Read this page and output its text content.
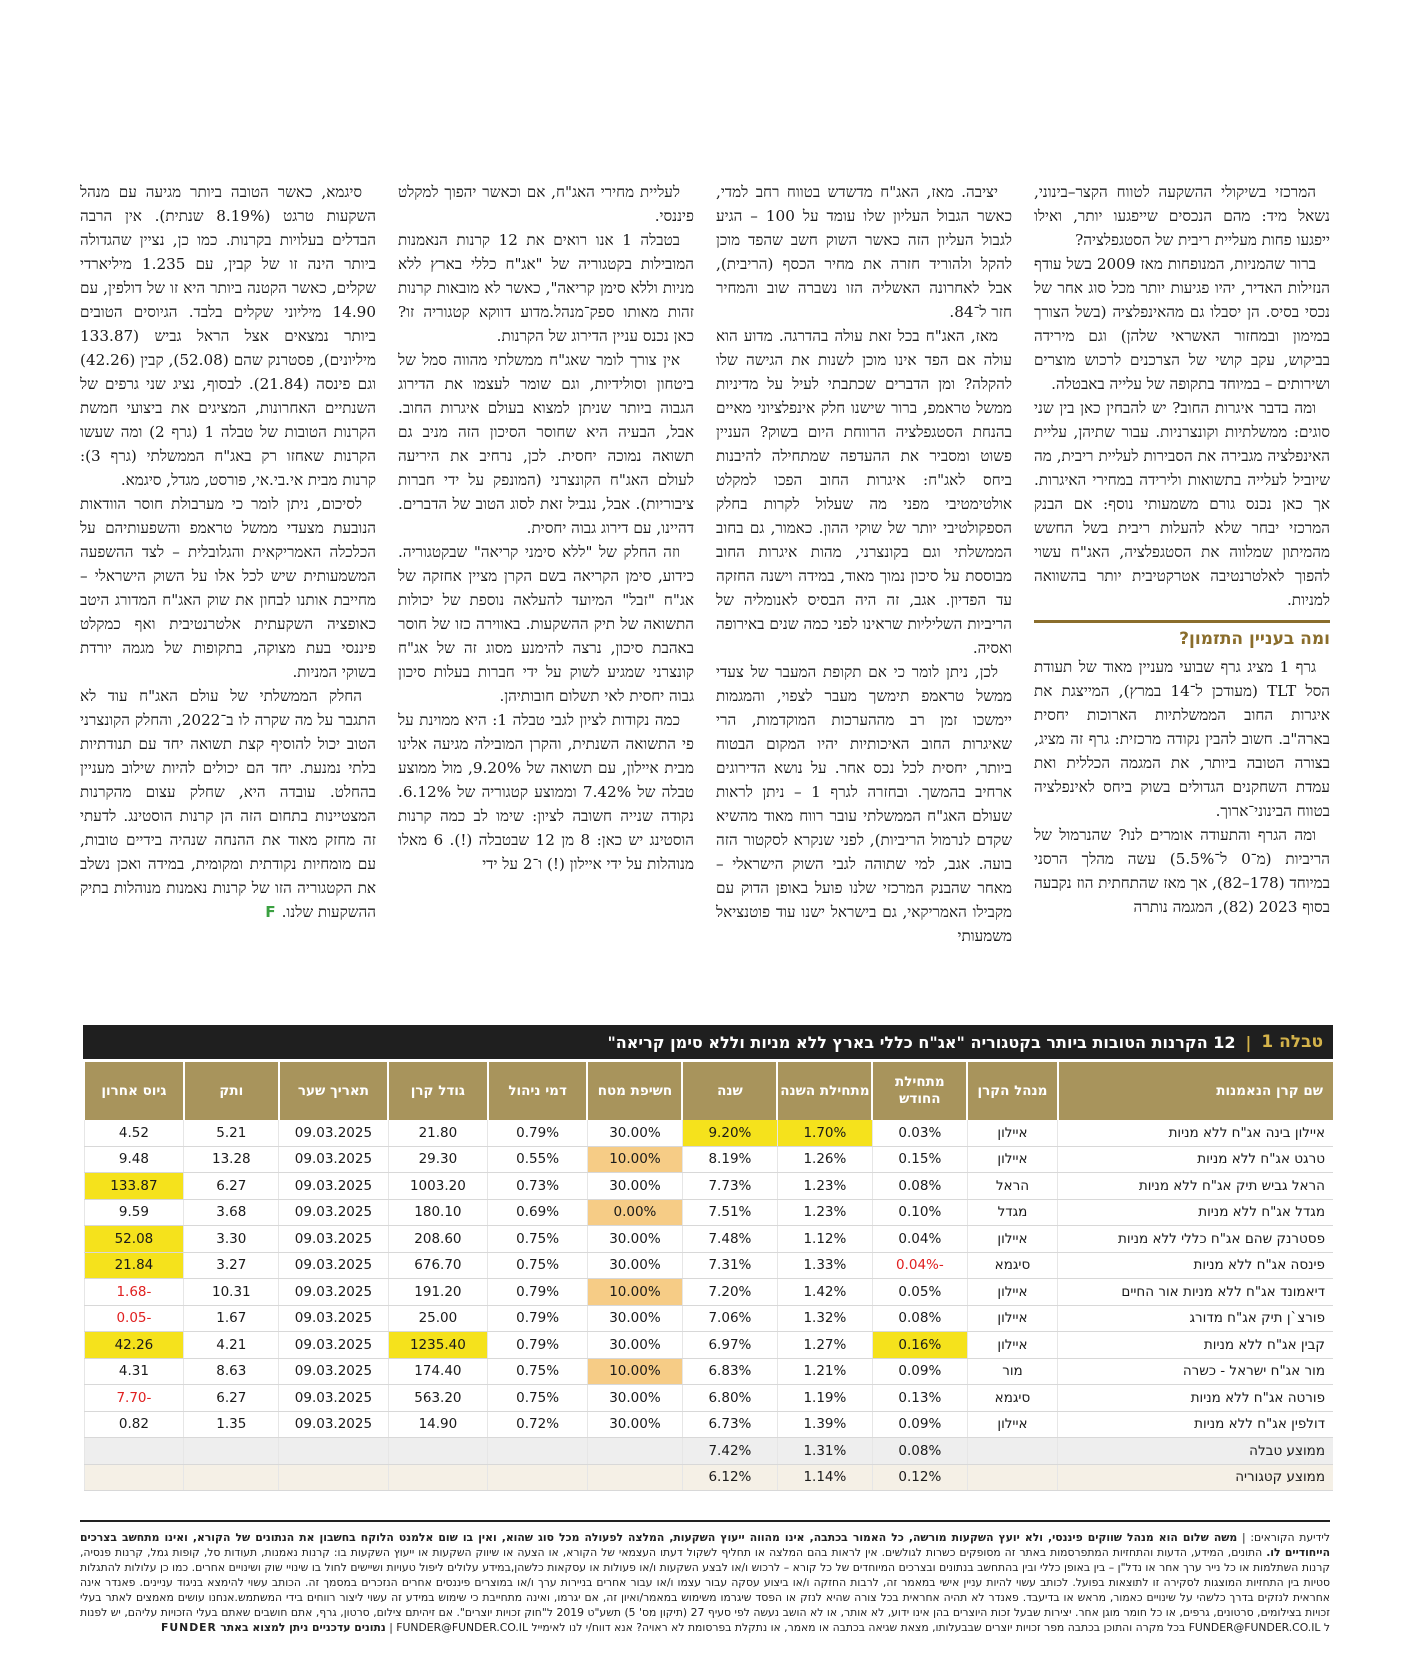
המרכזי בשיקולי ההשקעה לטווח הקצר–בינוני, נשאל מיד: מהם הנכסים שייפגעו יותר, ואילו ייפגעו פחות מעליית ריבית של הסטגפלציה?

ברור שהמניות, המנופחות מאז 2009 בשל עודף הנזילות האדיר, יהיו פגיעות יותר מכל סוג אחר של נכסי בסיס. הן יסבלו גם מהאינפלציה (בשל הצורך במימון ובמחזור האשראי שלהן) וגם מירידה בביקוש, עקב קושי של הצרכנים לרכוש מוצרים ושירותים – במיוחד בתקופה של עלייה באבטלה.

ומה בדבר איגרות החוב? יש להבחין כאן בין שני סוגים: ממשלתיות וקונצרניות. עבור שתיהן, עליית האינפלציה מגבירה את הסבירות לעליית ריבית, מה שיוביל לעלייה בתשואות ולירידה במחירי האיגרות. אך כאן נכנס גורם משמעותי נוסף: אם הבנק המרכזי יבחר שלא להעלות ריבית בשל החשש מהמיתון שמלווה את הסטגפלציה, האג"ח עשוי להפוך לאלטרנטיבה אטרקטיבית יותר בהשוואה למניות.

ומה בעניין התזמון?

גרף 1 מציג גרף שבועי מעניין מאוד של תעודת הסל TLT (מעודכן ל־14 במרץ), המייצגת את איגרות החוב הממשלתיות הארוכות יחסית בארה"ב. חשוב להבין נקודה מרכזית: גרף זה מציג, בצורה הטובה ביותר, את המגמה הכללית ואת עמדת השחקנים הגדולים בשוק ביחס לאינפלציה בטווח הבינוני־ארוך.

ומה הגרף והתעודה אומרים לנו? שהנרמול של הריביות (מ־0 ל־5.5%) עשה מהלך הרסני במיוחד (178–82), אך מאז שהתחתית הוז נקבעה בסוף 2023 (82), המגמה נותרה

יציבה. מאז, האג"ח מדשדש בטווח רחב למדי, כאשר הגבול העליון שלו עומד על 100 – הגיע לגבול העליון הזה כאשר השוק חשב שהפד מוכן להקל ולהוריד חזרה את מחיר הכסף (הריבית), אבל לאחרונה האשליה הזו נשברה שוב והמחיר חזר ל־84.

מאז, האג"ח בכל זאת עולה בהדרגה. מדוע הוא עולה אם הפד אינו מוכן לשנות את הגישה שלו להקלה? ומן הדברים שכתבתי לעיל על מדיניות ממשל טראמפ, ברור שישנו חלק אינפלציוני מאיים בהנחת הסטגפלציה הרווחת היום בשוק? העניין פשוט ומסביר את ההעדפה שמתחילה להיבנות ביחס לאג"ח: איגרות החוב הפכו למקלט אולטימטיבי מפני מה שעלול לקרות בחלק הספקולטיבי יותר של שוקי ההון. כאמור, גם בחוב הממשלתי וגם בקונצרני, מהות איגרות החוב מבוססת על סיכון נמוך מאוד, במידה וישנה החזקה עד הפדיון. אגב, זה היה הבסיס לאנומליה של הריביות השליליות שראינו לפני כמה שנים באירופה ואסיה.

לכן, ניתן לומר כי אם תקופת המעבר של צעדי ממשל טראמפ תימשך מעבר לצפוי, והמגמות יימשכו זמן רב מההערכות המוקדמות, הרי שאיגרות החוב האיכותיות יהיו המקום הבטוח ביותר, יחסית לכל נכס אחר. על נושא הדירוגים ארחיב בהמשך. ובחזרה לגרף 1 – ניתן לראות שעולם האג"ח הממשלתי עובר רווח מאוד מהשיא שקדם לנרמול הריביות), לפני שנקרא לסקטור הזה בועה. אגב, למי שתוהה לגבי השוק הישראלי – מאחר שהבנק המרכזי שלנו פועל באופן הדוק עם מקבילו האמריקאי, גם בישראל ישנו עוד פוטנציאל משמעותי

לעליית מחירי האג"ח, אם וכאשר יהפוך למקלט פיננסי.

בטבלה 1 אנו רואים את 12 קרנות הנאמנות המובילות בקטגוריה של "אג"ח כללי בארץ ללא מניות וללא סימן קריאה", כאשר לא מובאות קרנות זהות מאותו ספק־מנהל.מדוע דווקא קטגוריה זו? כאן נכנס עניין הדירוג של הקרנות.

אין צורך לומר שאג"ח ממשלתי מהווה סמל של ביטחון וסולידיות, וגם שומר לעצמו את הדירוג הגבוה ביותר שניתן למצוא בעולם איגרות החוב. אבל, הבעיה היא שחוסר הסיכון הזה מניב גם תשואה נמוכה יחסית. לכן, נרחיב את היריעה לעולם האג"ח הקונצרני (המונפק על ידי חברות ציבוריות). אבל, נגביל זאת לסוג הטוב של הדברים. דהיינו, עם דירוג גבוה יחסית.

וזה החלק של "ללא סימני קריאה" שבקטגוריה. כידוע, סימן הקריאה בשם הקרן מציין אחזקה של אג"ח "זבל" המיועד להעלאה נוספת של יכולות התשואה של תיק ההשקעות. באווירה כזו של חוסר באהבת סיכון, נרצה להימנע מסוג זה של אג"ח קונצרני שמגיע לשוק על ידי חברות בעלות סיכון גבוה יחסית לאי תשלום חובותיהן.

כמה נקודות לציון לגבי טבלה 1: היא ממוינת על פי התשואה השנתית, והקרן המובילה מגיעה אלינו מבית איילון, עם תשואה של 9.20%, מול ממוצע טבלה של 7.42% וממוצע קטגוריה של 6.12%. נקודה שנייה חשובה לציון: שימו לב כמה קרנות הוסטינג יש כאן: 8 מן 12 שבטבלה (!). 6 מאלו מנוהלות על ידי איילון (!) ו־2 על ידי

סיגמא, כאשר הטובה ביותר מגיעה עם מנהל השקעות טרגט (8.19% שנתית). אין הרבה הבדלים בעלויות בקרנות. כמו כן, נציין שהגדולה ביותר הינה זו של קבין, עם 1.235 מיליארדי שקלים, כאשר הקטנה ביותר היא זו של דולפין, עם 14.90 מיליוני שקלים בלבד. הגיוסים הטובים ביותר נמצאים אצל הראל גביש (133.87 מיליונים), פסטרנק שהם (52.08), קבין (42.26) וגם פינסה (21.84). לבסוף, נציג שני גרפים של השנתיים האחרונות, המציגים את ביצועי חמשת הקרנות הטובות של טבלה 1 (גרף 2) ומה שעשו הקרנות שאחזו רק באג"ח הממשלתי (גרף 3): קרנות מבית אי.בי.אי, פורסט, מגדל, סיגמא.

לסיכום, ניתן לומר כי מערבולת חוסר הוודאות הנובעת מצעדי ממשל טראמפ והשפעותיהם על הכלכלה האמריקאית והגלובלית – לצד ההשפעה המשמעותית שיש לכל אלו על השוק הישראלי – מחייבת אותנו לבחון את שוק האג"ח המדורג היטב כאופציה השקעתית אלטרנטיבית ואף כמקלט פיננסי בעת מצוקה, בתקופות של מגמה יורדת בשוקי המניות.

החלק הממשלתי של עולם האג"ח עוד לא התגבר על מה שקרה לו ב־2022, והחלק הקונצרני הטוב יכול להוסיף קצת תשואה יחד עם תנודתיות בלתי נמנעת. יחד הם יכולים להיות שילוב מעניין בהחלט. עובדה היא, שחלק עצום מהקרנות המצטיינות בתחום הזה הן קרנות הוסטינג. לדעתי זה מחזק מאוד את ההנחה שנהיה בידיים טובות, עם מומחיות נקודתית ומקומית, במידה ואכן נשלב את הקטגוריה הזו של קרנות נאמנות מנוהלות בתיק ההשקעות שלנו.F

טבלה 1
|
12 הקרנות הטובות ביותר בקטגוריה "אג"ח כללי בארץ ללא מניות וללא סימן קריאה"
שם קרן הנאמנות	מנהל הקרן	מתחילת החודש	מתחילת השנה	שנה	חשיפת מטח	דמי ניהול	גודל קרן	תאריך שער	ותק	גיוס אחרון
איילון בינה אג"ח ללא מניות	איילון	0.03%	1.70%	9.20%	30.00%	0.79%	21.80	09.03.2025	5.21	4.52
טרגט אג"ח ללא מניות	איילון	0.15%	1.26%	8.19%	10.00%	0.55%	29.30	09.03.2025	13.28	9.48
הראל גביש תיק אג"ח ללא מניות	הראל	0.08%	1.23%	7.73%	30.00%	0.73%	1003.20	09.03.2025	6.27	133.87
מגדל אג"ח ללא מניות	מגדל	0.10%	1.23%	7.51%	0.00%	0.69%	180.10	09.03.2025	3.68	9.59
פסטרנק שהם אג"ח כללי ללא מניות	איילון	0.04%	1.12%	7.48%	30.00%	0.75%	208.60	09.03.2025	3.30	52.08
פינסה אג"ח ללא מניות	סיגמא	-0.04%	1.33%	7.31%	30.00%	0.75%	676.70	09.03.2025	3.27	21.84
דיאמונד אג"ח ללא מניות אור החיים	איילון	0.05%	1.42%	7.20%	10.00%	0.79%	191.20	09.03.2025	10.31	-1.68
פורצ`ן תיק אג"ח מדורג	איילון	0.08%	1.32%	7.06%	30.00%	0.79%	25.00	09.03.2025	1.67	-0.05
קבין אג"ח ללא מניות	איילון	0.16%	1.27%	6.97%	30.00%	0.79%	1235.40	09.03.2025	4.21	42.26
מור אג"ח ישראל - כשרה	מור	0.09%	1.21%	6.83%	10.00%	0.75%	174.40	09.03.2025	8.63	4.31
פורטה אג"ח ללא מניות	סיגמא	0.13%	1.19%	6.80%	30.00%	0.75%	563.20	09.03.2025	6.27	-7.70
דולפין אג"ח ללא מניות	איילון	0.09%	1.39%	6.73%	30.00%	0.72%	14.90	09.03.2025	1.35	0.82
ממוצע טבלה		0.08%	1.31%	7.42%						
ממוצע קטגוריה		0.12%	1.14%	6.12%						
לידיעת הקוראים: | משה שלום הוא מנהל שווקים פיננסי, ולא יועץ השקעות מורשה, כל האמור בכתבה, אינו מהווה ייעוץ השקעות, המלצה לפעולה מכל סוג שהוא, ואין בו שום אלמנט הלוקח בחשבון את הנתונים של הקורא, ואינו מתחשב בצרכים הייחודיים לו. התונים, המידע, הדעות והתחזיות המתפרסמות באתר זה מסופקים כשרות לגולשים. אין לראות בהם המלצה או תחליף לשקול דעתו העצמאי של הקורא, או הצעה או שיווק השקעות או ייעוץ השקעות בו: קרנות נאמנות, תעודות סל, קופות גמל, קרנות פנסיה, קרנות השתלמות או כל נייר ערך אחר או נדל"ן – בין באופן כללי ובין בהתחשב בנתונים ובצרכים המיוחדים של כל קורא – לרכוש ו/או לבצע השקעות ו/או פעולות או עסקאות כלשהן,במידע עלולים ליפול טעויות ושיישים לחול בו שינויי שוק ושינויים אחרים. כמו כן עלולות להתגלות סטיות בין התחזיות המוצגות לסקירה זו לתוצאות בפועל. לכותב עשוי להיות עניין אישי במאמר זה, לרבות החזקה ו/או ביצוע עסקה עבור עצמו ו/או עבור אחרים בניירות ערך ו/או במוצרים פיננסים אחרים הנזכרים במסמך זה. הכותב עשוי להימצא בניגוד עניינים. פאנדר אינה אחראית לנזקים בדרך כלשהי על שינויים כאמור, מראש או בדיעבד. פאנדר לא תהיה אחראית בכל צורה שהיא לנזק או הפסד שיגרמו משימוש במאמר/ואיון זה, אם יגרמו, ואינה מתחייבת כי שימוש במידע זה עשוי ליצור רווחים בידי המשתמש.אנחנו עושים מאמצים לאתר בעלי זכויות בצילומים, סרטונים, גרפים, או כל חומר מוגן אחר. יצירות שבעל זכות היוצרים בהן אינו ידוע, לא אותר, או לא הושב נעשה לפי סעיף 27 (תיקון מס' 5) תשע"ט 2019 ל"חוק זכויות יוצרים". אם זיהיתם צילום, סרטון, גרף, אתם חושבים שאתם בעלי הזכויות עליהם, יש לפנות ל FUNDER@FUNDER.CO.IL בכל מקרה והתוכן בכתבה מפר זכויות יוצרים שבבעלותו, מצאת שגיאה בכתבה או מאמר, או נתקלת בפרסומת לא ראויה? אנא דווח/י לנו לאימייל FUNDER@FUNDER.CO.IL | נתונים עדכניים ניתן למצוא באתר FUNDER
